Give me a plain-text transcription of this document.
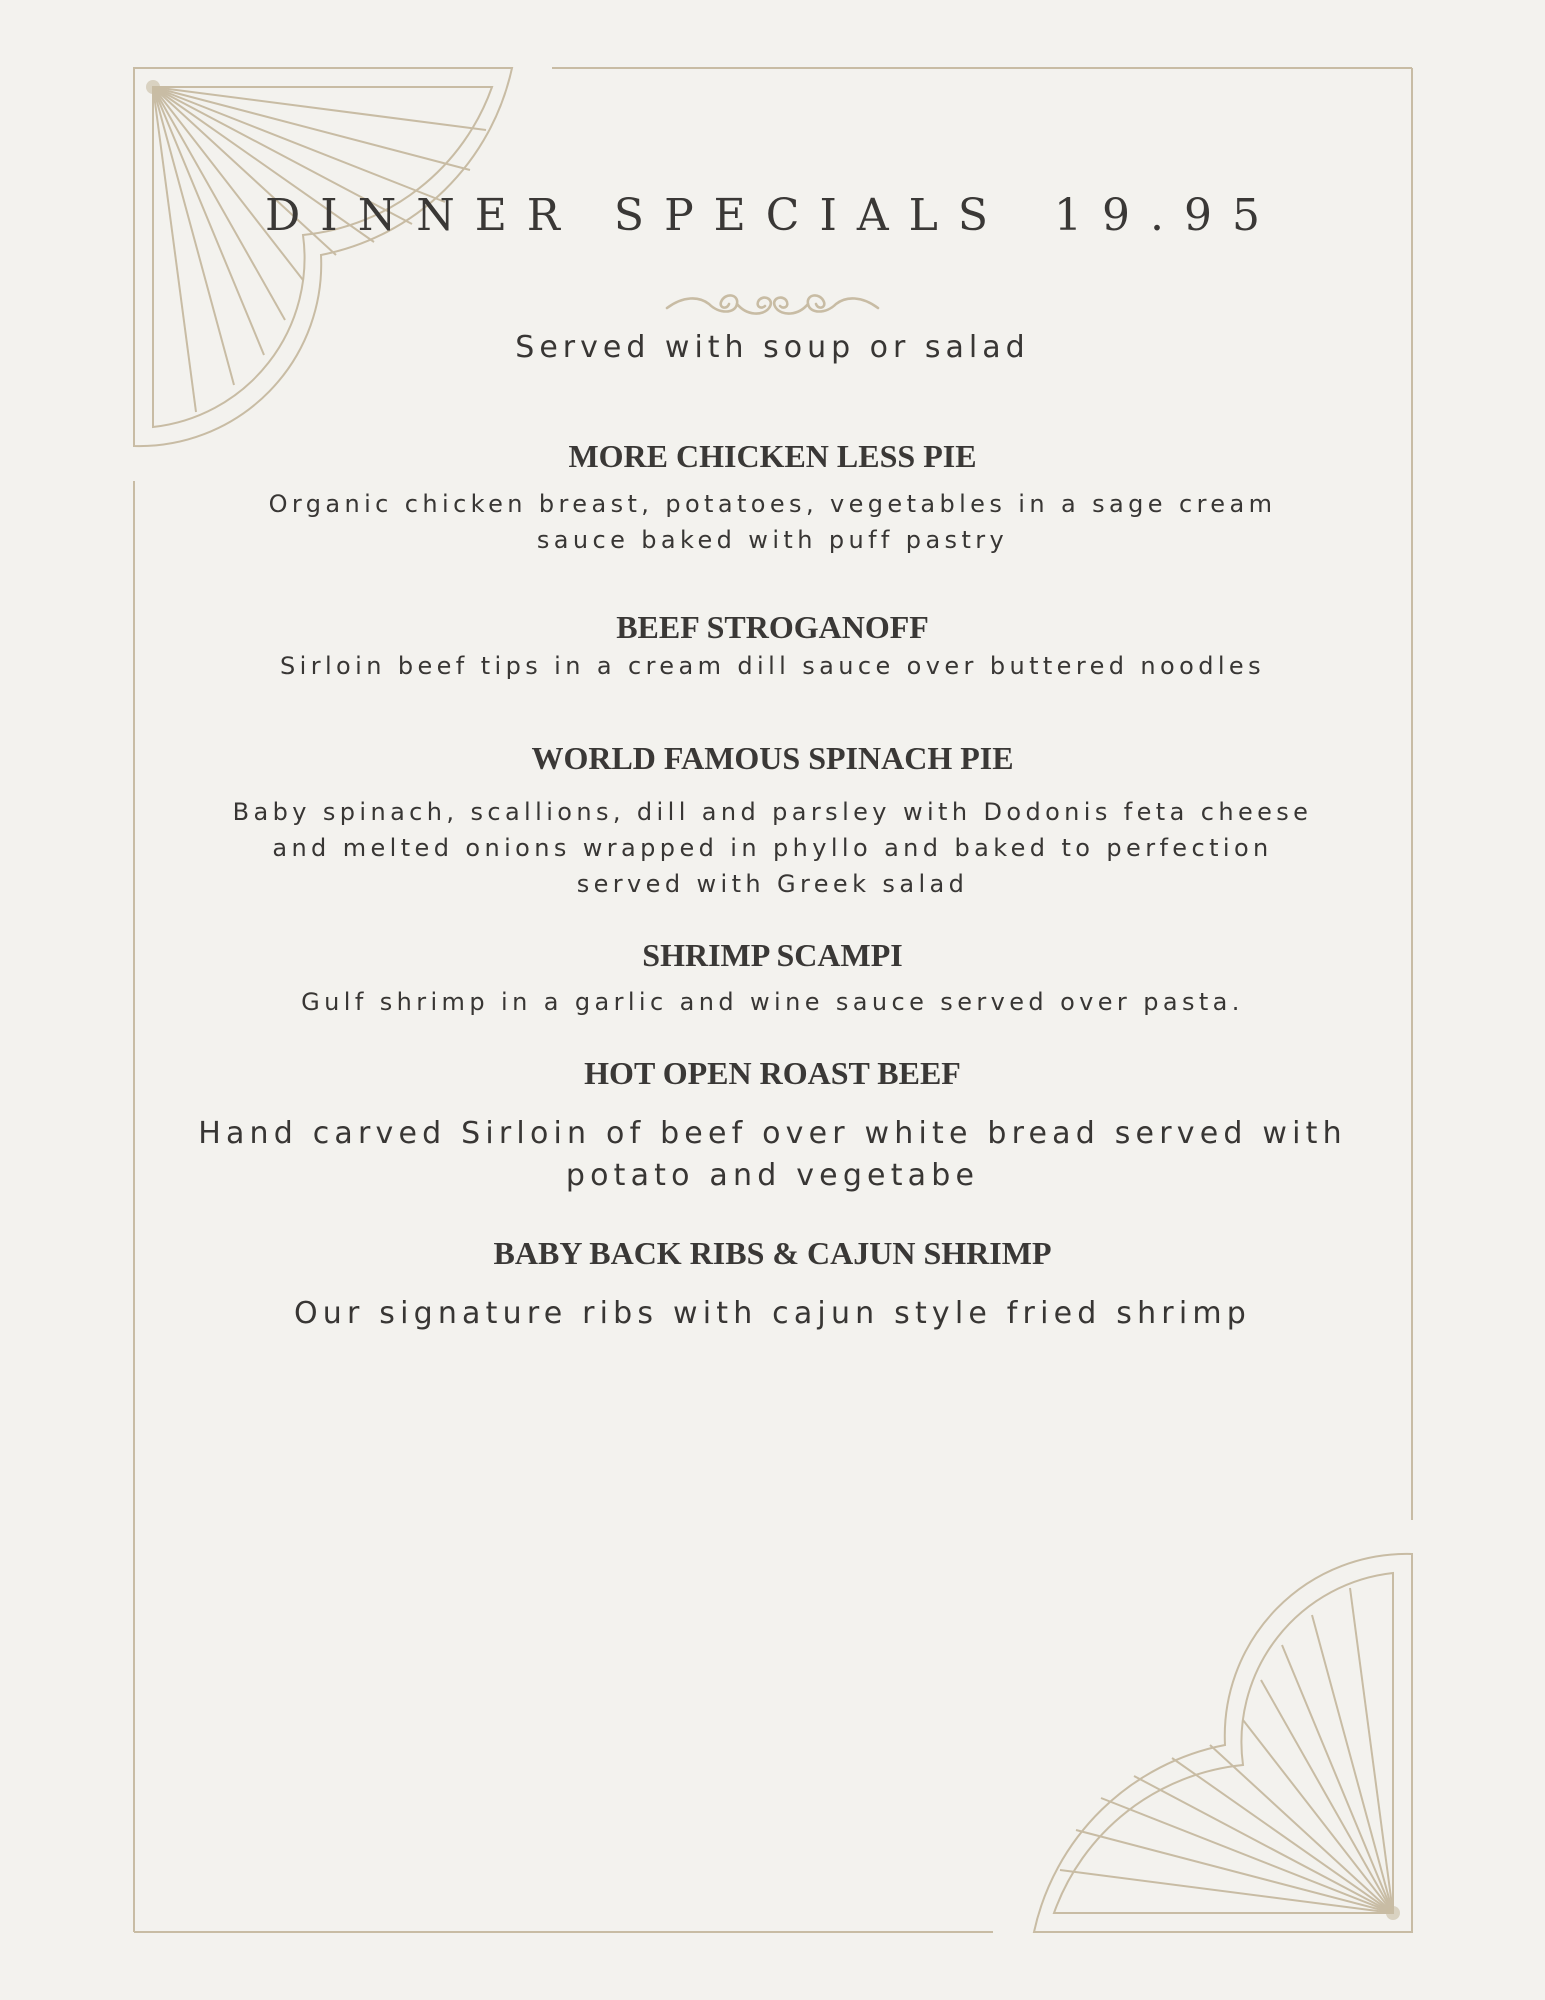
DINNER SPECIALS 19.95
Served with soup or salad
MORE CHICKEN LESS PIE
Organic chicken breast, potatoes, vegetables in a sage cream
sauce baked with puff pastry
BEEF STROGANOFF
Sirloin beef tips in a cream dill sauce over buttered noodles
WORLD FAMOUS SPINACH PIE
Baby spinach, scallions, dill and parsley with Dodonis feta cheese
and melted onions wrapped in phyllo and baked to perfection
served with Greek salad
SHRIMP SCAMPI
Gulf shrimp in a garlic and wine sauce served over pasta.
HOT OPEN ROAST BEEF
Hand carved Sirloin of beef over white bread served with
potato and vegetabe
BABY BACK RIBS & CAJUN SHRIMP
Our signature ribs with cajun style fried shrimp
